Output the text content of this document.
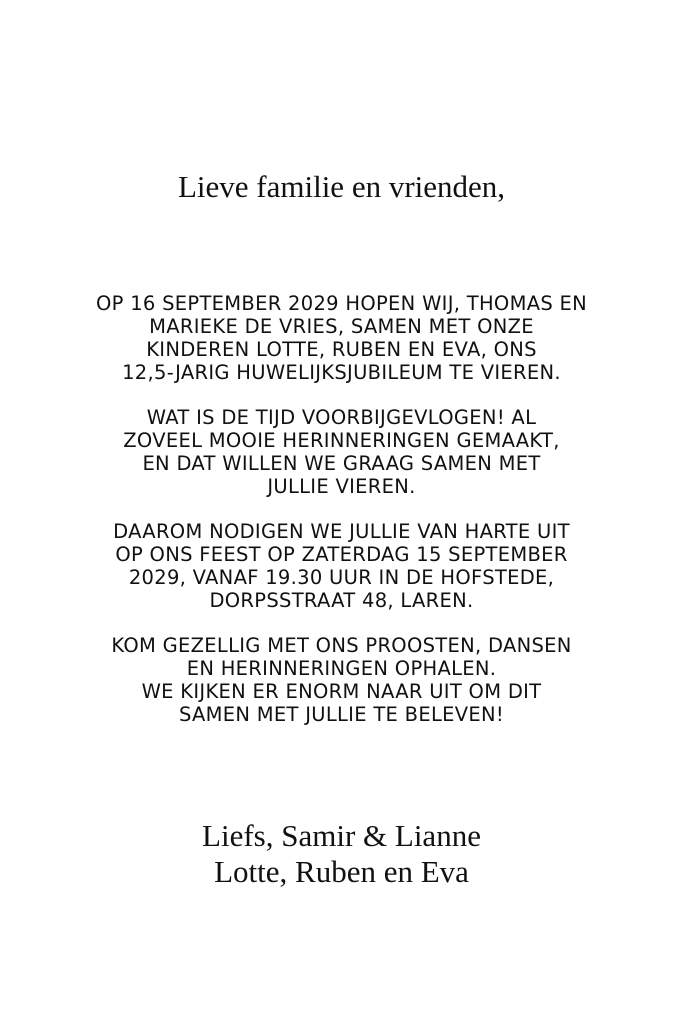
Lieve familie en vrienden,

OP 16 SEPTEMBER 2029 HOPEN WIJ, THOMAS EN
MARIEKE DE VRIES, SAMEN MET ONZE
KINDEREN LOTTE, RUBEN EN EVA, ONS
12,5-JARIG HUWELIJKSJUBILEUM TE VIEREN.

WAT IS DE TIJD VOORBIJGEVLOGEN! AL
ZOVEEL MOOIE HERINNERINGEN GEMAAKT,
EN DAT WILLEN WE GRAAG SAMEN MET
JULLIE VIEREN.

DAAROM NODIGEN WE JULLIE VAN HARTE UIT
OP ONS FEEST OP ZATERDAG 15 SEPTEMBER
2029, VANAF 19.30 UUR IN DE HOFSTEDE,
DORPSSTRAAT 48, LAREN.

KOM GEZELLIG MET ONS PROOSTEN, DANSEN
EN HERINNERINGEN OPHALEN.
WE KIJKEN ER ENORM NAAR UIT OM DIT
SAMEN MET JULLIE TE BELEVEN!

Liefs, Samir & Lianne
Lotte, Ruben en Eva
